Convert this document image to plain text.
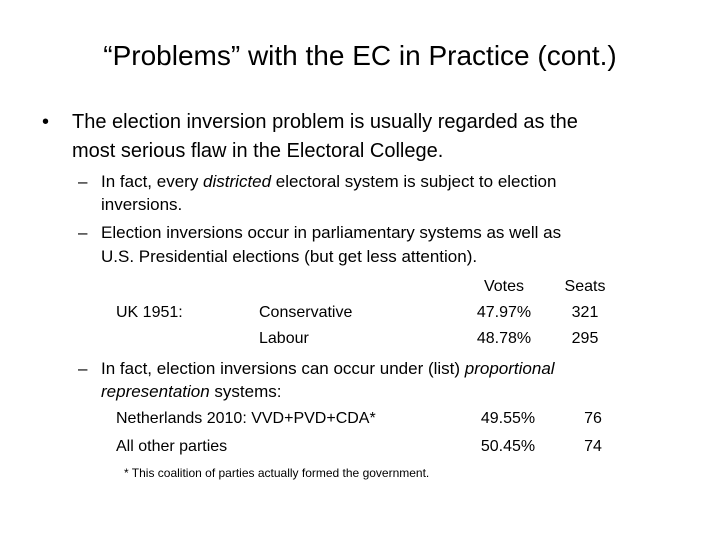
“Problems” with the EC in Practice (cont.)
• The election inversion problem is usually regarded as the
most serious flaw in the Electoral College.
– In fact, every districted electoral system is subject to election
inversions.
– Election inversions occur in parliamentary systems as well as
U.S. Presidential elections (but get less attention).
Votes	Seats
UK 1951:	Conservative	47.97%	321
Labour	48.78%	295
– In fact, election inversions can occur under (list) proportional
representation systems:
Netherlands 2010: VVD+PVD+CDA*	49.55%	76
All other parties	50.45%	74
* This coalition of parties actually formed the government.
